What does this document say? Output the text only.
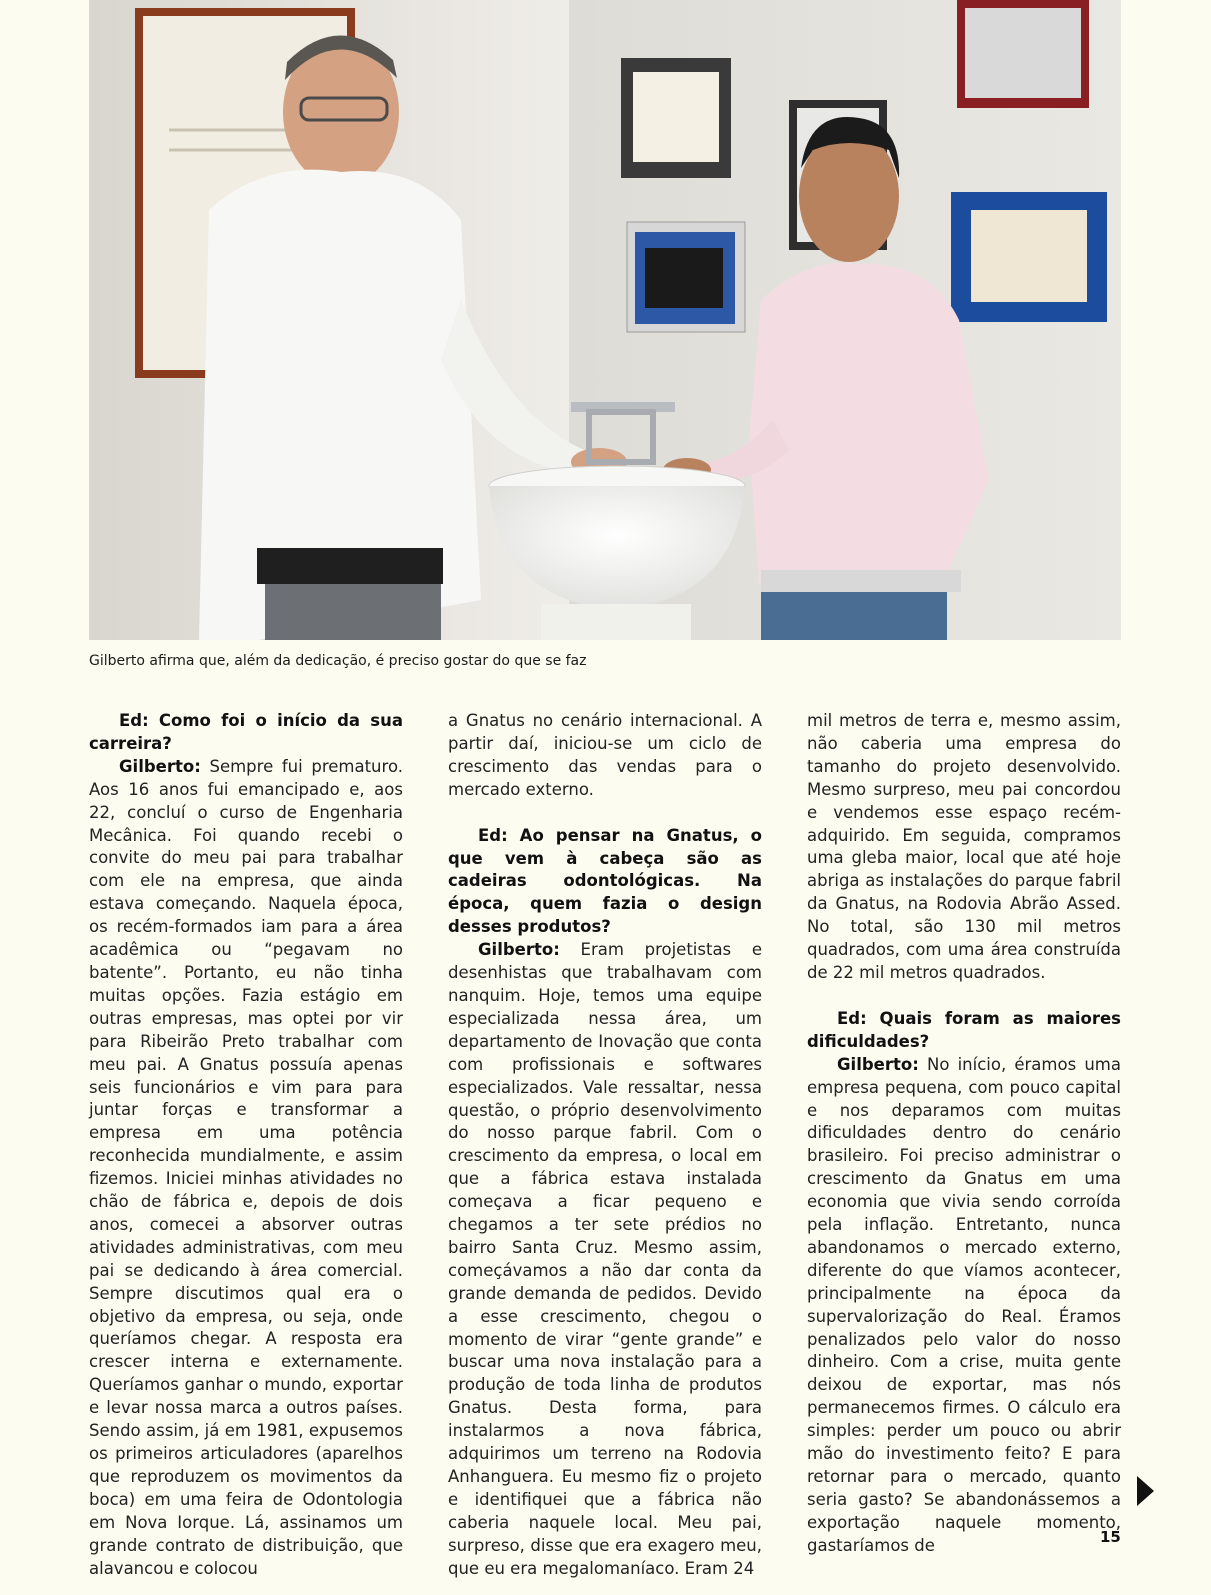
Gilberto afirma que, além da dedicação, é preciso gostar do que se faz

Ed: Como foi o início da sua carreira?

Gilberto: Sempre fui prematuro. Aos 16 anos fui emancipado e, aos 22, concluí o curso de Engenharia Mecânica. Foi quando recebi o convite do meu pai para trabalhar com ele na empresa, que ainda estava começando. Naquela época, os recém-formados iam para a área acadêmica ou “pegavam no batente”. Portanto, eu não tinha muitas opções. Fazia estágio em outras empresas, mas optei por vir para Ribeirão Preto trabalhar com meu pai. A Gnatus possuía apenas seis funcionários e vim para para juntar forças e transformar a empresa em uma potência reconhecida mundialmente, e assim fizemos. Iniciei minhas atividades no chão de fábrica e, depois de dois anos, comecei a absorver outras atividades administrativas, com meu pai se dedicando à área comercial. Sempre discutimos qual era o objetivo da empresa, ou seja, onde queríamos chegar. A resposta era crescer interna e externamente. Queríamos ganhar o mundo, exportar e levar nossa marca a outros países. Sendo assim, já em 1981, expusemos os primeiros articuladores (aparelhos que reproduzem os movimentos da boca) em uma feira de Odontologia em Nova Iorque. Lá, assinamos um grande contrato de distribuição, que alavancou e colocou

a Gnatus no cenário internacional. A partir daí, iniciou-se um ciclo de crescimento das vendas para o mercado externo.

Ed: Ao pensar na Gnatus, o que vem à cabeça são as cadeiras odontológicas. Na época, quem fazia o design desses produtos?

Gilberto: Eram projetistas e desenhistas que trabalhavam com nanquim. Hoje, temos uma equipe especializada nessa área, um departamento de Inovação que conta com profissionais e softwares especializados. Vale ressaltar, nessa questão, o próprio desenvolvimento do nosso parque fabril. Com o crescimento da empresa, o local em que a fábrica estava instalada começava a ficar pequeno e chegamos a ter sete prédios no bairro Santa Cruz. Mesmo assim, começávamos a não dar conta da grande demanda de pedidos. Devido a esse crescimento, chegou o momento de virar “gente grande” e buscar uma nova instalação para a produção de toda linha de produtos Gnatus. Desta forma, para instalarmos a nova fábrica, adquirimos um terreno na Rodovia Anhanguera. Eu mesmo fiz o projeto e identifiquei que a fábrica não caberia naquele local. Meu pai, surpreso, disse que era exagero meu, que eu era megalomaníaco. Eram 24

mil metros de terra e, mesmo assim, não caberia uma empresa do tamanho do projeto desenvolvido. Mesmo surpreso, meu pai concordou e vendemos esse espaço recém-adquirido. Em seguida, compramos uma gleba maior, local que até hoje abriga as instalações do parque fabril da Gnatus, na Rodovia Abrão Assed. No total, são 130 mil metros quadrados, com uma área construída de 22 mil metros quadrados.

Ed: Quais foram as maiores dificuldades?

Gilberto: No início, éramos uma empresa pequena, com pouco capital e nos deparamos com muitas dificuldades dentro do cenário brasileiro. Foi preciso administrar o crescimento da Gnatus em uma economia que vivia sendo corroída pela inflação. Entretanto, nunca abandonamos o mercado externo, diferente do que víamos acontecer, principalmente na época da supervalorização do Real. Éramos penalizados pelo valor do nosso dinheiro. Com a crise, muita gente deixou de exportar, mas nós permanecemos firmes. O cálculo era simples: perder um pouco ou abrir mão do investimento feito? E para retornar para o mercado, quanto seria gasto? Se abandonássemos a exportação naquele momento, gastaríamos de	15
